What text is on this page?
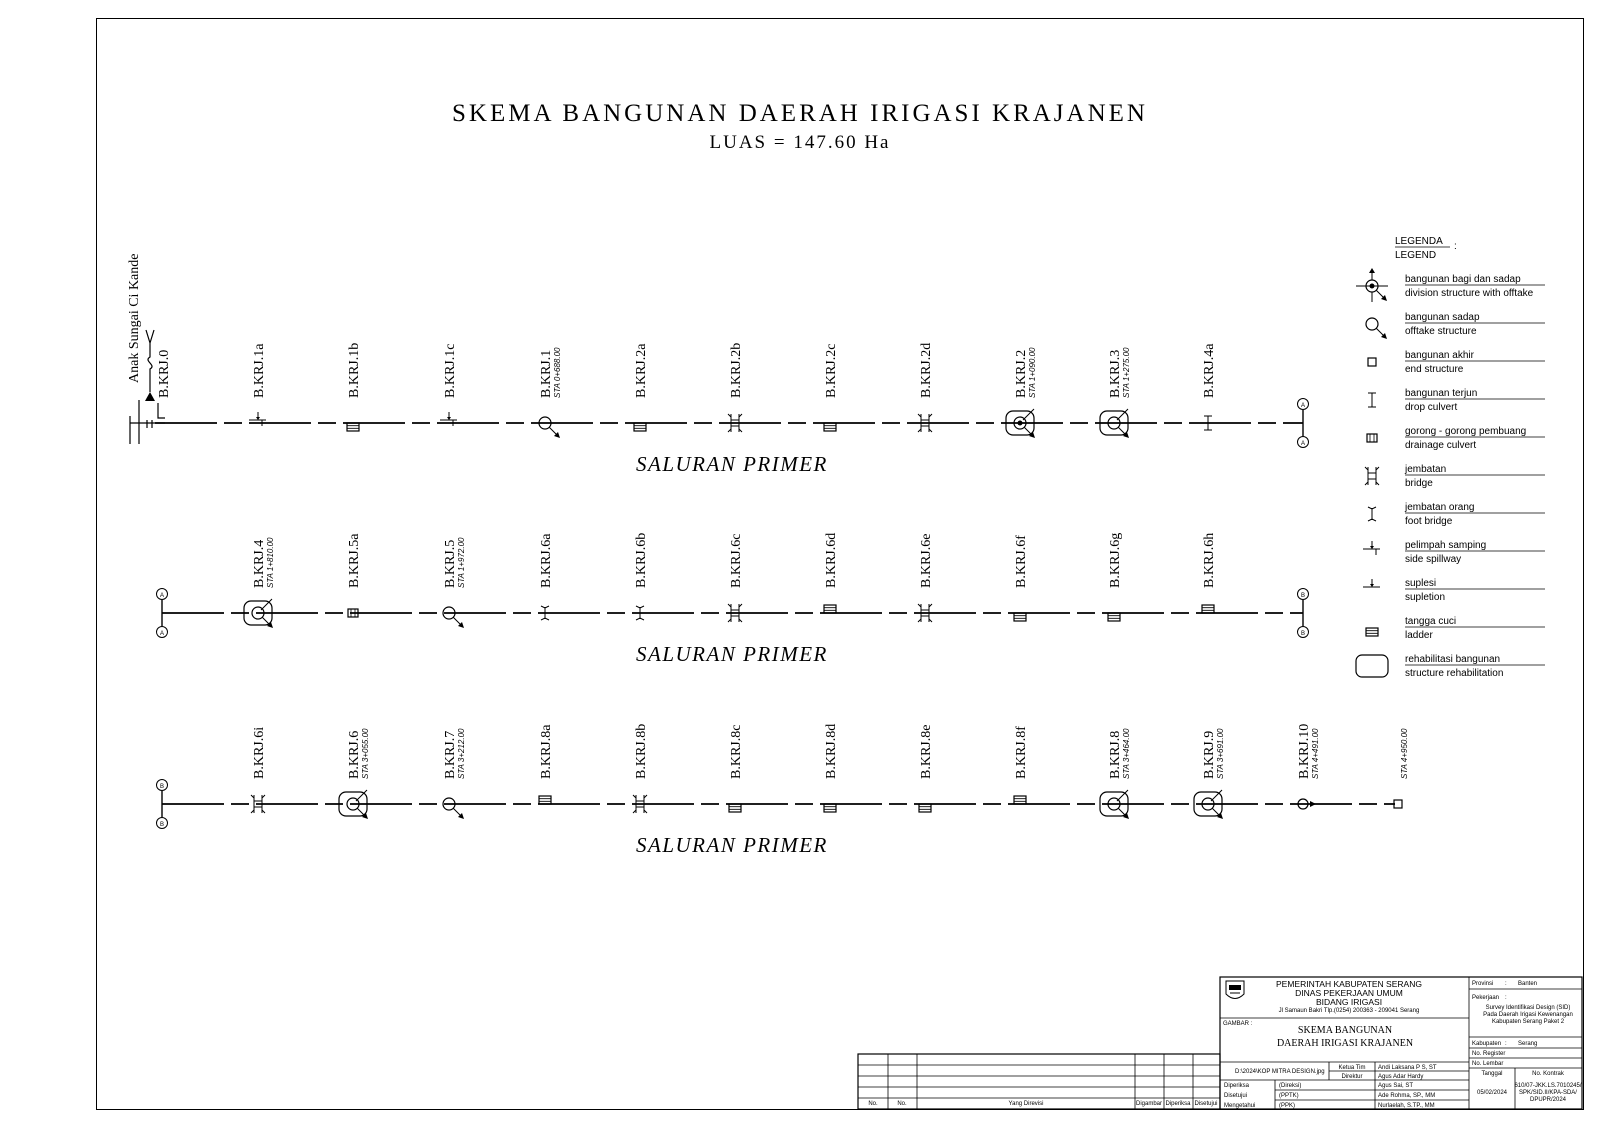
SKEMA BANGUNAN DAERAH IRIGASI KRAJANEN
LUAS = 147.60 Ha
Anak Sungai Ci Kande
SALURAN PRIMER
A
A
B.KRJ.0	B.KRJ.1a	B.KRJ.1b	B.KRJ.1c	B.KRJ.1 STA 0+688.00	B.KRJ.2a	B.KRJ.2b	B.KRJ.2c	B.KRJ.2d	B.KRJ.2 STA 1+090.00	B.KRJ.3 STA 1+275.00	B.KRJ.4a
SALURAN PRIMER
A
A
B
B
B.KRJ.4 STA 1+810.00	B.KRJ.5a	B.KRJ.5 STA 1+972.00	B.KRJ.6a	B.KRJ.6b	B.KRJ.6c	B.KRJ.6d	B.KRJ.6e	B.KRJ.6f	B.KRJ.6g	B.KRJ.6h
SALURAN PRIMER
B
B
B.KRJ.6i	B.KRJ.6 STA 3+055.00	B.KRJ.7 STA 3+212.00	B.KRJ.8a	B.KRJ.8b	B.KRJ.8c	B.KRJ.8d	B.KRJ.8e	B.KRJ.8f	B.KRJ.8 STA 3+464.00	B.KRJ.9 STA 3+691.00	B.KRJ.10 STA 4+491.00	STA 4+950.00
LEGENDA
LEGEND
:
bangunan bagi dan sadap
division structure with offtake
bangunan sadap
offtake structure
bangunan akhir
end structure
bangunan terjun
drop culvert
gorong - gorong pembuang
drainage culvert
jembatan
bridge
jembatan orang
foot bridge
pelimpah samping
side spillway
suplesi
supletion
tangga cuci
ladder
rehabilitasi bangunan
structure rehabilitation
PEMERINTAH KABUPATEN SERANG
DINAS PEKERJAAN UMUM
BIDANG IRIGASI
Jl Samaun Bakri Tlp.(0254) 200363 - 209041 Serang
GAMBAR :
SKEMA BANGUNAN
DAERAH IRIGASI KRAJANEN
D:\2024\KOP MITRA DESIGN.jpg
Provinsi : Banten
Pekerjaan :
Survey Identifikasi Design (SID)
Pada Daerah Irigasi Kewenangan
Kabupaten Serang Paket 2
Kabupaten : Serang
No. Register
No. Lembar
Tanggal
05/02/2024
No. Kontrak
610/07-JKK.LS.7010245/
SPK/SID.II/KPA-SDA/
DPUPR/2024
Ketua Tim Andi Laksana P S, ST
Direktur	Agus Adar Hardy
Diperiksa	(Direksi)	Agus Sai, ST
Disetujui	(PPTK)	Ade Rohma, SP., MM
Mengetahui	(PPK)	Nurlaelah, S.TP., MM
No.	No.	Yang Direvisi	Digambar Diperiksa Disetujui
